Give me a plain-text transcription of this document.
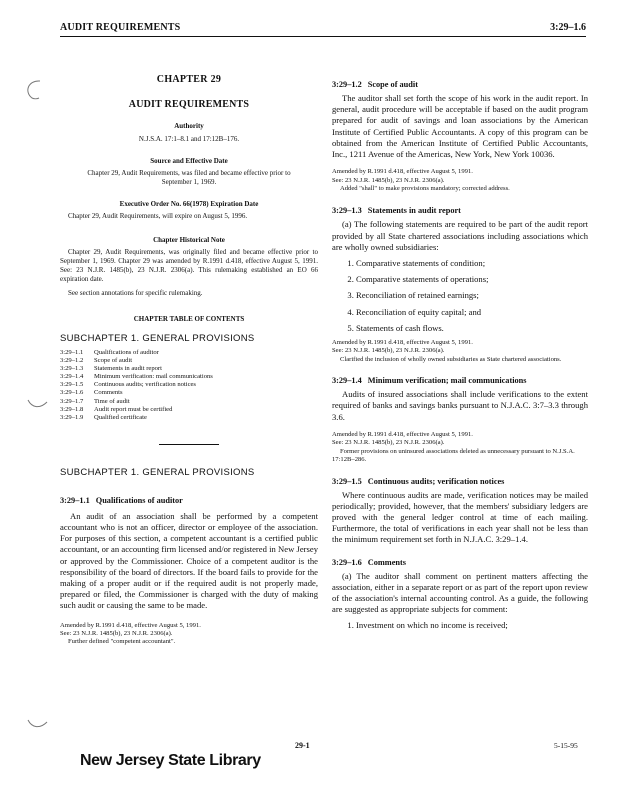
AUDIT REQUIREMENTS	3:29–1.6
CHAPTER 29
AUDIT REQUIREMENTS
Authority
N.J.S.A. 17:1–8.1 and 17:12B–176.
Source and Effective Date
Chapter 29, Audit Requirements, was filed and became effective prior to September 1, 1969.
Executive Order No. 66(1978) Expiration Date
Chapter 29, Audit Requirements, will expire on August 5, 1996.
Chapter Historical Note
Chapter 29, Audit Requirements, was originally filed and became effective prior to September 1, 1969. Chapter 29 was amended by R.1991 d.418, effective August 5, 1991. See: 23 N.J.R. 1485(b), 23 N.J.R. 2306(a). This rulemaking established an EO 66 expiration date.
See section annotations for specific rulemaking.
CHAPTER TABLE OF CONTENTS
SUBCHAPTER 1. GENERAL PROVISIONS
3:29–1.1	Qualifications of auditor
3:29–1.2	Scope of audit
3:29–1.3	Statements in audit report
3:29–1.4	Minimum verification: mail communications
3:29–1.5	Continuous audits; verification notices
3:29–1.6	Comments
3:29–1.7	Time of audit
3:29–1.8	Audit report must be certified
3:29–1.9	Qualified certificate
SUBCHAPTER 1. GENERAL PROVISIONS
3:29–1.1 Qualifications of auditor
An audit of an association shall be performed by a competent accountant who is not an officer, director or employee of the association. For purposes of this section, a competent accountant is a certified public accountant, or an accounting firm licensed and/or registered in New Jersey or approved by the Commissioner. Choice of a competent auditor is the responsibility of the board of directors. If the board fails to provide for the making of a proper audit or if the required audit is not properly made, prepared or filed, the Commissioner is charged with the duty of making such audit or causing the same to be made.
Amended by R.1991 d.418, effective August 5, 1991.
See: 23 N.J.R. 1485(b), 23 N.J.R. 2306(a).
Further defined "competent accountant".
3:29–1.2 Scope of audit
The auditor shall set forth the scope of his work in the audit report. In general, audit procedure will be acceptable if based on the audit program prepared for audit of savings and loan associations by the American Institute of Certified Public Accountants. A copy of this program can be obtained from the American Institute of Certified Public Accountants, Inc., 1211 Avenue of the Americas, New York, New York 10036.
Amended by R.1991 d.418, effective August 5, 1991.
See: 23 N.J.R. 1485(b), 23 N.J.R. 2306(a).
Added "shall" to make provisions mandatory; corrected address.
3:29–1.3 Statements in audit report
(a) The following statements are required to be part of the audit report provided by all State chartered associations including associations which are wholly owned subsidiaries:
1. Comparative statements of condition;
2. Comparative statements of operations;
3. Reconciliation of retained earnings;
4. Reconciliation of equity capital; and
5. Statements of cash flows.
Amended by R.1991 d.418, effective August 5, 1991.
See: 23 N.J.R. 1485(b), 23 N.J.R. 2306(a).
Clarified the inclusion of wholly owned subsidiaries as State chartered associations.
3:29–1.4 Minimum verification; mail communications
Audits of insured associations shall include verifications to the extent required of banks and savings banks pursuant to N.J.A.C. 3:7–3.3 through 3.6.
Amended by R.1991 d.418, effective August 5, 1991.
See: 23 N.J.R. 1485(b), 23 N.J.R. 2306(a).
Former provisions on uninsured associations deleted as unnecessary pursuant to N.J.S.A. 17:12B–286.
3:29–1.5 Continuous audits; verification notices
Where continuous audits are made, verification notices may be mailed periodically; provided, however, that the members' subsidiary ledgers are proved with the general ledger control at time of each mailing. Furthermore, the total of verifications in each year shall not be less than the minimum requirement set forth in N.J.A.C. 3:29–1.4.
3:29–1.6 Comments
(a) The auditor shall comment on pertinent matters affecting the association, either in a separate report or as part of the report upon review of the association's internal accounting control. As a guide, the following are suggested as appropriate subjects for comment:
1. Investment on which no income is received;
29-1	5-15-95
New Jersey State Library
